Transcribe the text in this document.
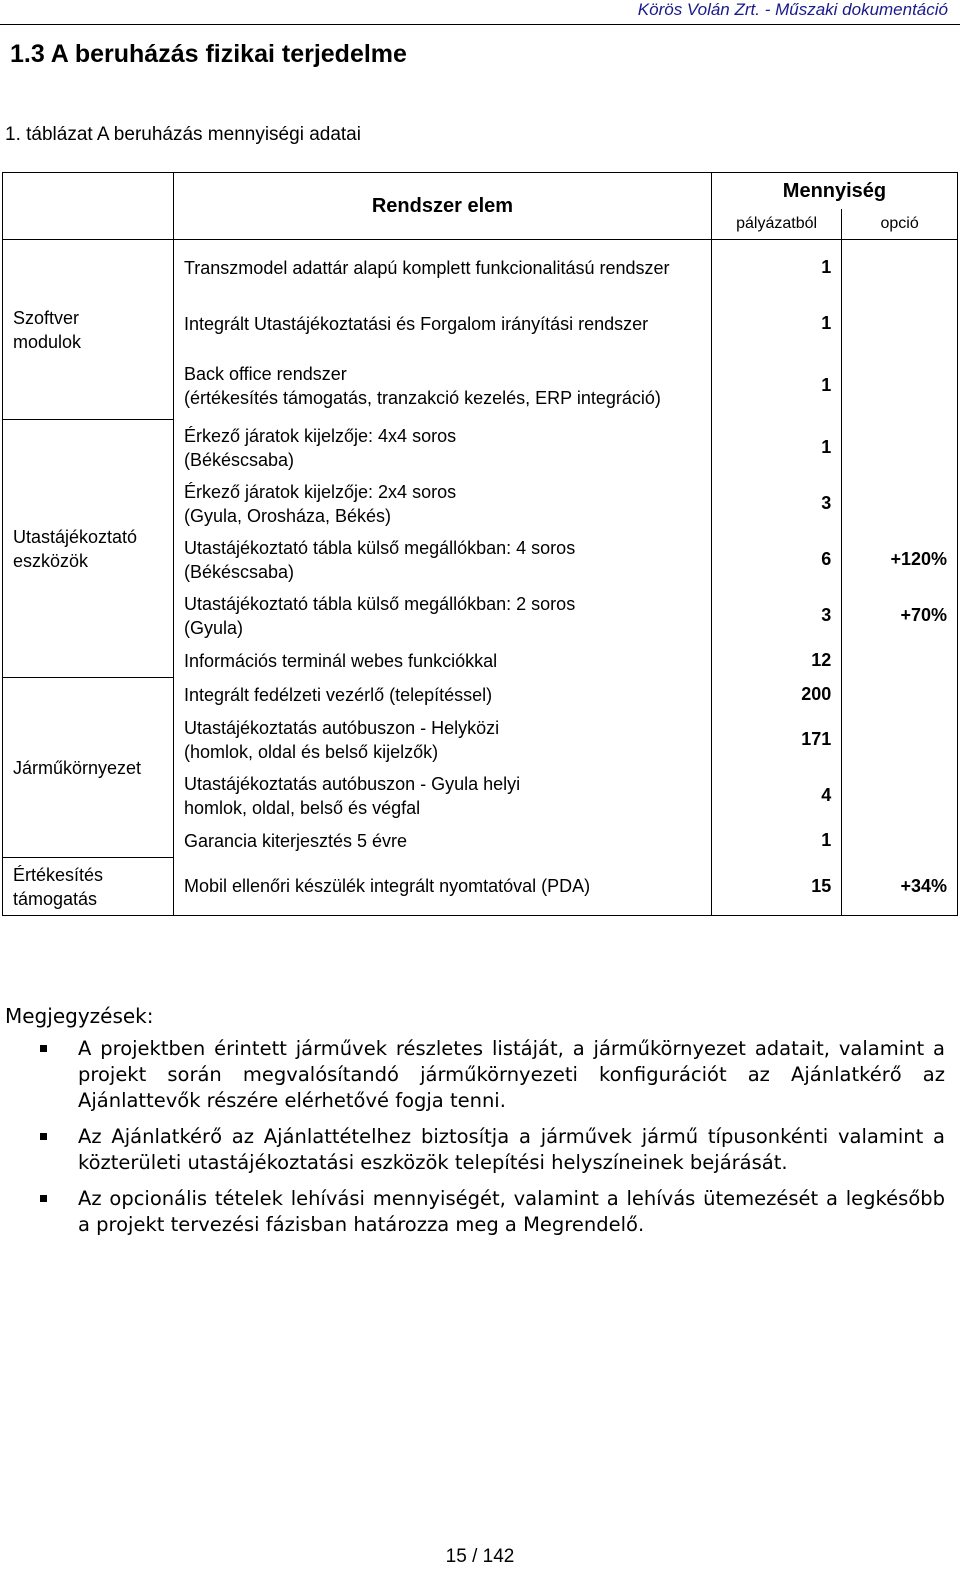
Körös Volán Zrt. - Műszaki dokumentáció
1.3 A beruházás fizikai terjedelme
1. táblázat A beruházás mennyiségi adatai
	Rendszer elem	Mennyiség	
		pályázatból	opció
Szoftver
modulok	Transzmodel adattár alapú komplett funkcionalitású rendszer	1	
	Integrált Utastájékoztatási és Forgalom irányítási rendszer	1	
	Back office rendszer
(értékesítés támogatás, tranzakció kezelés, ERP integráció)	1	
Utastájékoztató
eszközök	Érkező járatok kijelzője: 4x4 soros
(Békéscsaba)	1	
	Érkező járatok kijelzője: 2x4 soros
(Gyula, Orosháza, Békés)	3	
	Utastájékoztató tábla külső megállókban: 4 soros
(Békéscsaba)	6	+120%
	Utastájékoztató tábla külső megállókban: 2 soros
(Gyula)	3	+70%
	Információs terminál webes funkciókkal	12	
Járműkörnyezet	Integrált fedélzeti vezérlő (telepítéssel)	200	
	Utastájékoztatás autóbuszon - Helyközi
(homlok, oldal és belső kijelzők)	171	
	Utastájékoztatás autóbuszon - Gyula helyi
homlok, oldal, belső és végfal	4	
	Garancia kiterjesztés 5 évre	1	
Értékesítés
támogatás	Mobil ellenőri készülék integrált nyomtatóval (PDA)	15	+34%
Megjegyzések:
A projektben érintett járművek részletes listáját, a járműkörnyezet adatait, valamint a projekt során megvalósítandó járműkörnyezeti konfigurációt az Ajánlatkérő az Ajánlattevők részére elérhetővé fogja tenni.
Az Ajánlatkérő az Ajánlattételhez biztosítja a járművek jármű típusonkénti valamint a közterületi utastájékoztatási eszközök telepítési helyszíneinek bejárását.
Az opcionális tételek lehívási mennyiségét, valamint a lehívás ütemezését a legkésőbb a projekt tervezési fázisban határozza meg a Megrendelő.
15 / 142
